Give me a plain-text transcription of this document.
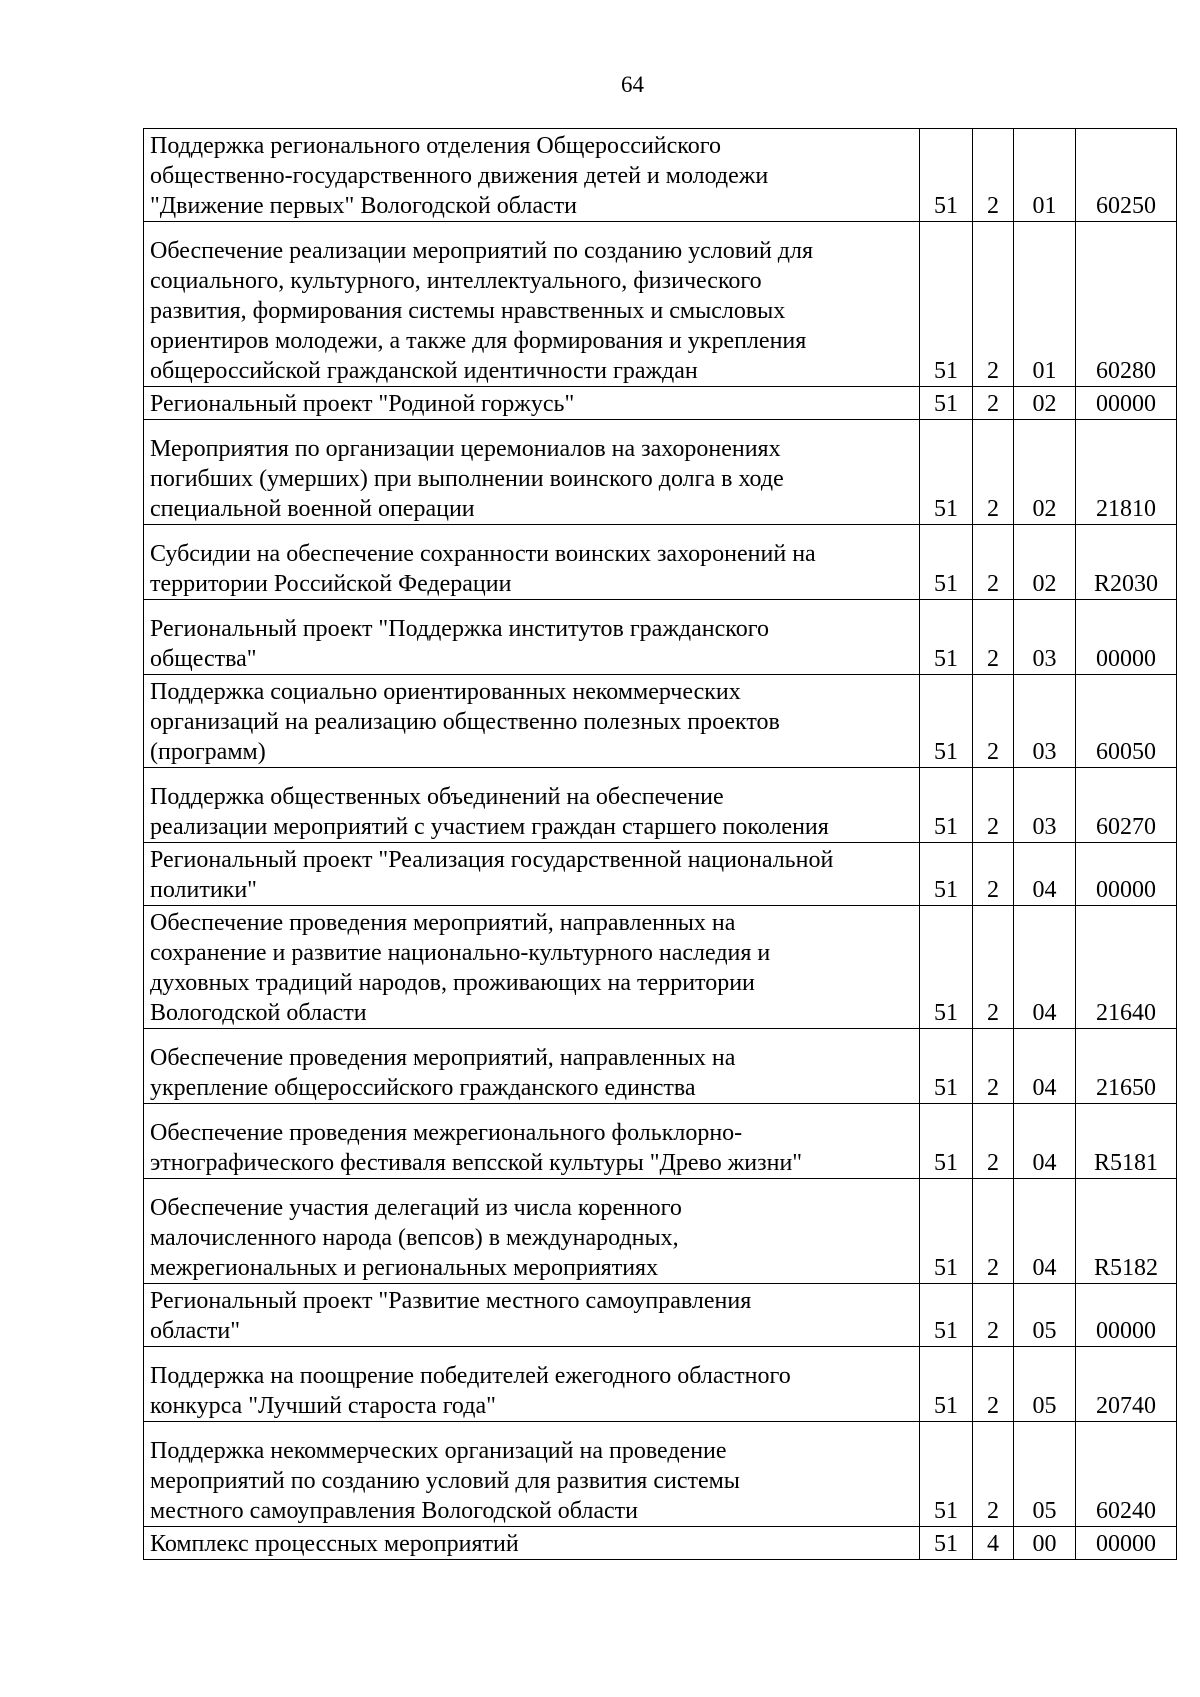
64
Поддержка регионального отделения Общероссийского
общественно-государственного движения детей и молодежи
"Движение первых" Вологодской области	51	2	01	60250
Обеспечение реализации мероприятий по созданию условий для
социального, культурного, интеллектуального, физического
развития, формирования системы нравственных и смысловых
ориентиров молодежи, а также для формирования и укрепления
общероссийской гражданской идентичности граждан	51	2	01	60280
Региональный проект "Родиной горжусь"	51	2	02	00000
Мероприятия по организации церемониалов на захоронениях
погибших (умерших) при выполнении воинского долга в ходе
специальной военной операции	51	2	02	21810
Субсидии на обеспечение сохранности воинских захоронений на
территории Российской Федерации	51	2	02	R2030
Региональный проект "Поддержка институтов гражданского
общества"	51	2	03	00000
Поддержка социально ориентированных некоммерческих
организаций на реализацию общественно полезных проектов
(программ)	51	2	03	60050
Поддержка общественных объединений на обеспечение
реализации мероприятий с участием граждан старшего поколения	51	2	03	60270
Региональный проект "Реализация государственной национальной
политики"	51	2	04	00000
Обеспечение проведения мероприятий, направленных на
сохранение и развитие национально-культурного наследия и
духовных традиций народов, проживающих на территории
Вологодской области	51	2	04	21640
Обеспечение проведения мероприятий, направленных на
укрепление общероссийского гражданского единства	51	2	04	21650
Обеспечение проведения межрегионального фольклорно-
этнографического фестиваля вепсской культуры "Древо жизни"	51	2	04	R5181
Обеспечение участия делегаций из числа коренного
малочисленного народа (вепсов) в международных,
межрегиональных и региональных мероприятиях	51	2	04	R5182
Региональный проект "Развитие местного самоуправления
области"	51	2	05	00000
Поддержка на поощрение победителей ежегодного областного
конкурса "Лучший староста года"	51	2	05	20740
Поддержка некоммерческих организаций на проведение
мероприятий по созданию условий для развития системы
местного самоуправления Вологодской области	51	2	05	60240
Комплекс процессных мероприятий	51	4	00	00000
